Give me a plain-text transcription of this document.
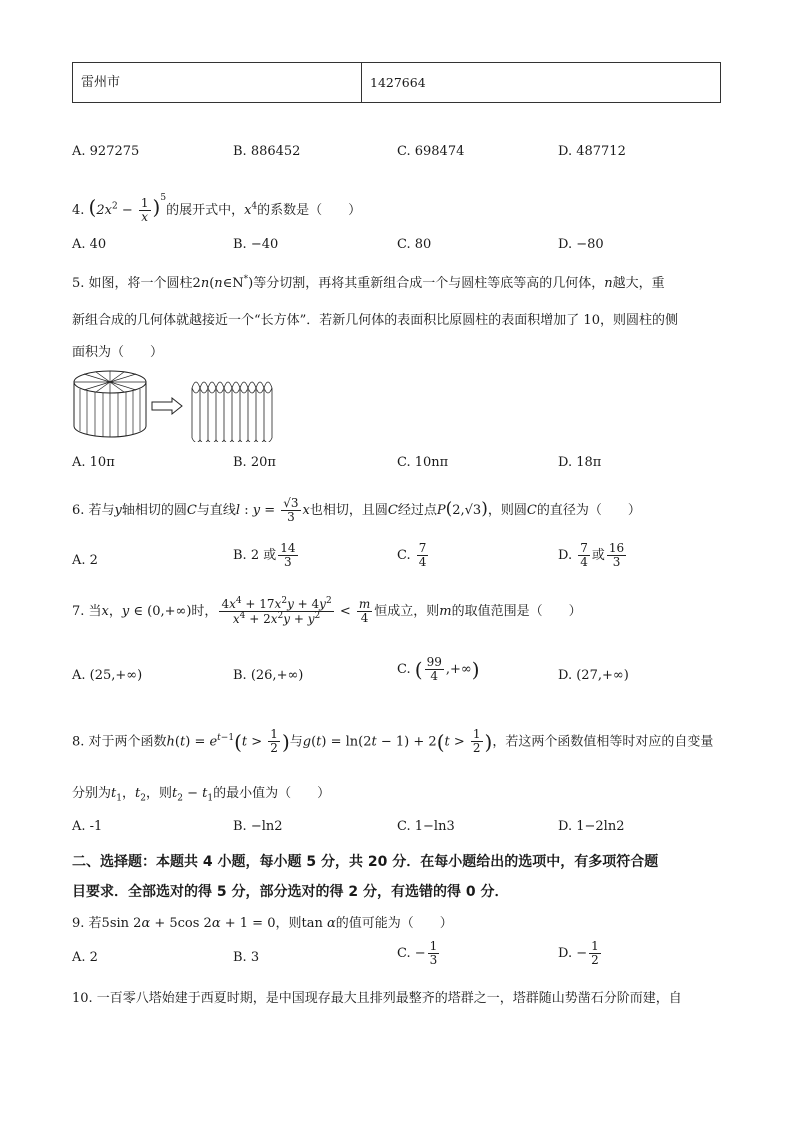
雷州市	1427664
A. 927275	B. 886452	C. 698474	D. 487712
4. $(2x^2 - \frac{1}{x} )^5$的展开式中，$x^4$的系数是（　　）
A. 40	B. −40	C. 80	D. −80
5. 如图，将一个圆柱2n(n∈N*)等分切割，再将其重新组合成一个与圆柱等底等高的几何体，n越大，重
新组合成的几何体就越接近一个“长方体”．若新几何体的表面积比原圆柱的表面积增加了 10，则圆柱的侧
面积为（　　）
A. 10π	B. 20π	C. 10nπ	D. 18π
6. 若与y轴相切的圆C与直线l : $y = \frac{√3}{3}$ x也相切，且圆C经过点P(2,√3)，则圆C的直径为（　　）
A. 2	B. 2 或 $\frac{14}{3}$	C. $\frac{7}{4}$	D. $\frac{7}{4}$ 或 $\frac{16}{3}$
7. 当x，y ∈ (0,+∞)时， $\frac{4x^4 + 17x^2y + 4y^2}{x^4 + 2x^2y + y^2} < \frac{m}{4}$ 恒成立，则m的取值范围是（　　）
A. (25,+∞)	B. (26,+∞)	C. ( $\frac{99}{4}$ ,+∞)	D. (27,+∞)
8. 对于两个函数$h(t) = e^{t-1}(t > \frac{1}{2}$ )与$g(t) = \ln(2t - 1) + 2(t > \frac{1}{2}$ )，若这两个函数值相等时对应的自变量
分别为$t_1$，$t_2$，则$t_2 - t_1$的最小值为（　　）
A. -1	B. −ln2	C. 1−ln3	D. 1−2ln2
二、选择题：本题共 4 小题，每小题 5 分，共 20 分．在每小题给出的选项中，有多项符合题
目要求．全部选对的得 5 分，部分选对的得 2 分，有选错的得 0 分．
9. 若5sin 2α + 5cos 2α + 1 = 0，则tan α的值可能为（　　）
A. 2	B. 3	C. − $\frac{1}{3}$	D. − $\frac{1}{2}$
10. 一百零八塔始建于西夏时期，是中国现存最大且排列最整齐的塔群之一，塔群随山势凿石分阶而建，自
